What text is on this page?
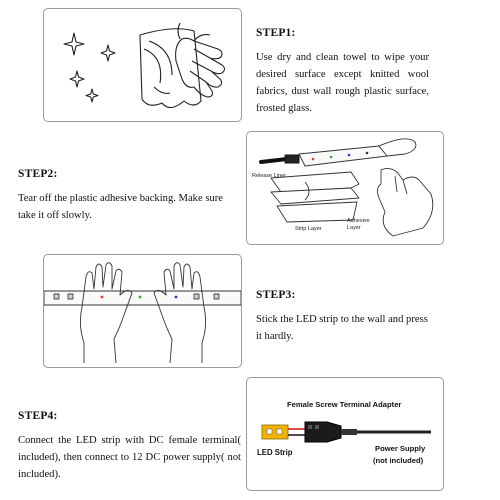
STEP1:

Use dry and clean towel to wipe your desired surface except knitted wool fabrics, dust wall rough plastic surface, frosted glass.

STEP2:

Tear off the plastic adhesive backing. Make sure take it off slowly.

Release Liner
Strip Layer
Adhesive Layer
STEP3:

Stick the LED strip to the wall and press it hardly.

STEP4:

Connect the LED strip with DC female terminal( included), then connect to 12 DC power supply( not included).

Female Screw Terminal Adapter
LED Strip	Power Supply
(not included)
